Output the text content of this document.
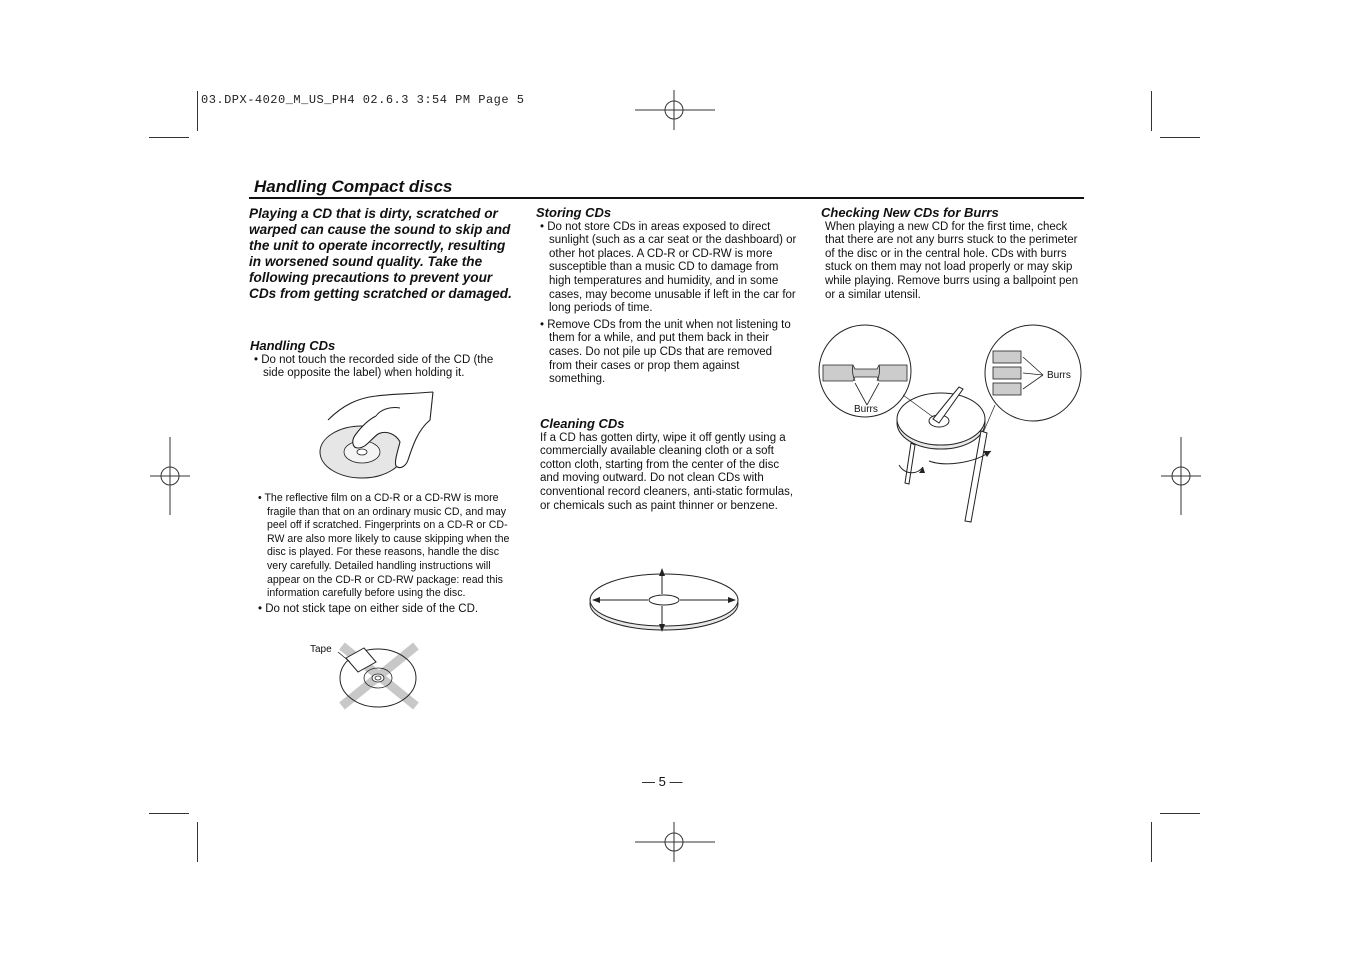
03.DPX-4020_M_US_PH4 02.6.3 3:54 PM Page 5
Handling Compact discs

Playing a CD that is dirty, scratched or warped can cause the sound to skip and the unit to operate incorrectly, resulting in worsened sound quality. Take the following precautions to prevent your CDs from getting scratched or damaged.

Handling CDs

• Do not touch the recorded side of the CD (the side opposite the label) when holding it.

• The reflective film on a CD-R or a CD-RW is more fragile than that on an ordinary music CD, and may peel off if scratched. Fingerprints on a CD-R or CD-RW are also more likely to cause skipping when the disc is played. For these reasons, handle the disc very carefully. Detailed handling instructions will appear on the CD-R or CD-RW package: read this information carefully before using the disc.

• Do not stick tape on either side of the CD.

Tape
Storing CDs

• Do not store CDs in areas exposed to direct sunlight (such as a car seat or the dashboard) or other hot places. A CD-R or CD-RW is more susceptible than a music CD to damage from high temperatures and humidity, and in some cases, may become unusable if left in the car for long periods of time.

• Remove CDs from the unit when not listening to them for a while, and put them back in their cases. Do not pile up CDs that are removed from their cases or prop them against something.

Cleaning CDs

If a CD has gotten dirty, wipe it off gently using a commercially available cleaning cloth or a soft cotton cloth, starting from the center of the disc and moving outward. Do not clean CDs with conventional record cleaners, anti-static formulas, or chemicals such as paint thinner or benzene.

Checking New CDs for Burrs

When playing a new CD for the first time, check that there are not any burrs stuck to the perimeter of the disc or in the central hole. CDs with burrs stuck on them may not load properly or may skip while playing. Remove burrs using a ballpoint pen or a similar utensil.

Burrs
Burrs
— 5 —
